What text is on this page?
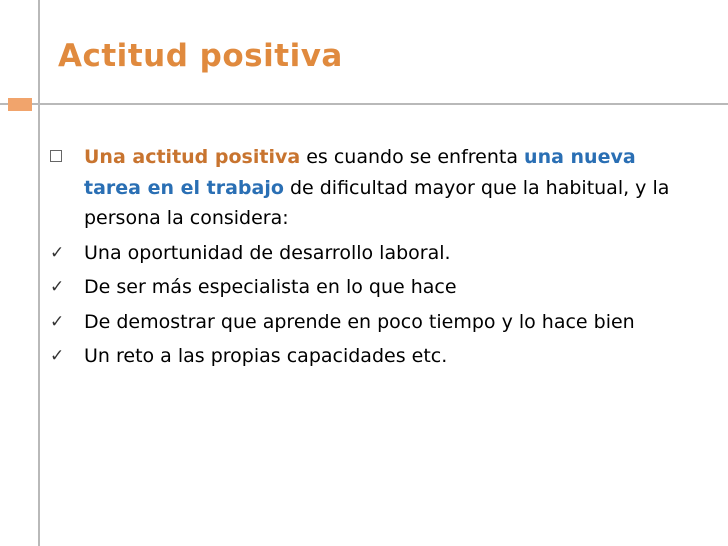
Actitud positiva
Una actitud positiva es cuando se enfrenta una nueva tarea en el trabajo de dificultad mayor que la habitual, y la persona la considera:
✓	Una oportunidad de desarrollo laboral.
✓	De ser más especialista en lo que hace
✓	De demostrar que aprende en poco tiempo y lo hace bien
✓	Un reto a las propias capacidades etc.
